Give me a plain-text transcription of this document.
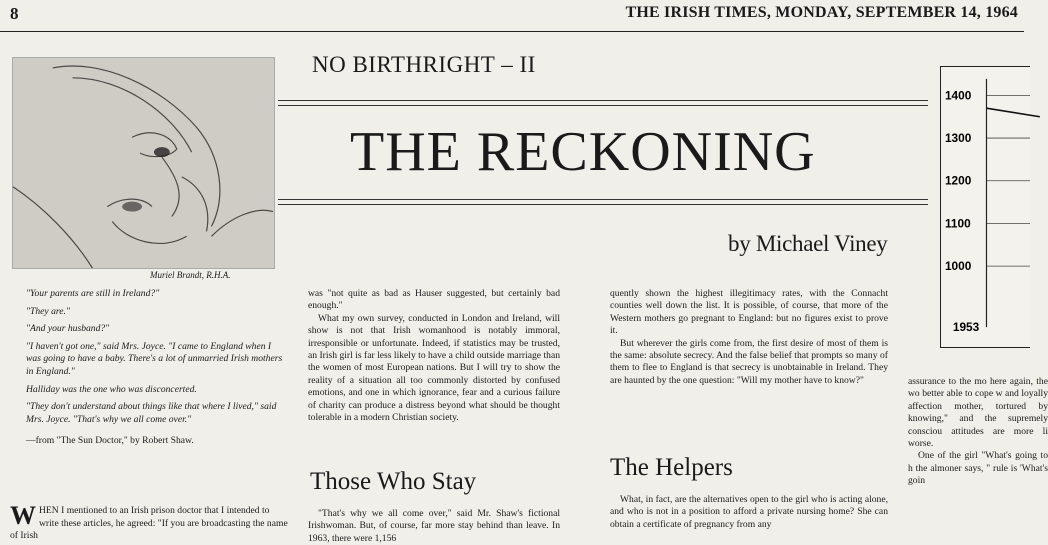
8	THE IRISH TIMES, MONDAY, SEPTEMBER 14, 1964
Muriel Brandt, R.H.A.

"Your parents are still in Ireland?"

"They are."

"And your husband?"

"I haven't got one," said Mrs. Joyce. "I came to England when I was going to have a baby. There's a lot of unmarried Irish mothers in England."

Halliday was the one who was disconcerted.

"They don't understand about things like that where I lived," said Mrs. Joyce. "That's why we all come over."

—from "The Sun Doctor," by Robert Shaw.

W HEN I mentioned to an Irish prison doctor that I intended to write these articles, he agreed: "If you are broadcasting the name of Irish
NO BIRTHRIGHT – II
THE RECKONING
by Michael Viney

was "not quite as bad as Hauser suggested, but certainly bad enough."

What my own survey, conducted in London and Ireland, will show is not that Irish womanhood is notably immoral, irresponsible or unfortunate. Indeed, if statistics may be trusted, an Irish girl is far less likely to have a child outside marriage than the women of most European nations. But I will try to show the reality of a situation all too commonly distorted by confused emotions, and one in which ignorance, fear and a curious failure of charity can produce a distress beyond what should be thought tolerable in a modern Christian society.

Those Who Stay

"That's why we all come over," said Mr. Shaw's fictional Irishwoman. But, of course, far more stay behind than leave. In 1963, there were 1,156

quently shown the highest illegitimacy rates, with the Connacht counties well down the list. It is possible, of course, that more of the Western mothers go pregnant to England: but no figures exist to prove it.

But wherever the girls come from, the first desire of most of them is the same: absolute secrecy. And the false belief that prompts so many of them to flee to England is that secrecy is unobtainable in Ireland. They are haunted by the one question: "Will my mother have to know?"

The Helpers

What, in fact, are the alternatives open to the girl who is acting alone, and who is not in a position to afford a private nursing home? She can obtain a certificate of pregnancy from any

assurance to the mo here again, the wo better able to cope w and loyally affection mother, tortured by knowing," and the supremely consciou attitudes are more li worse.

One of the girl "What's going to h the almoner says, " rule is 'What's goin

1400
1300
1200
1100
1000
1953
